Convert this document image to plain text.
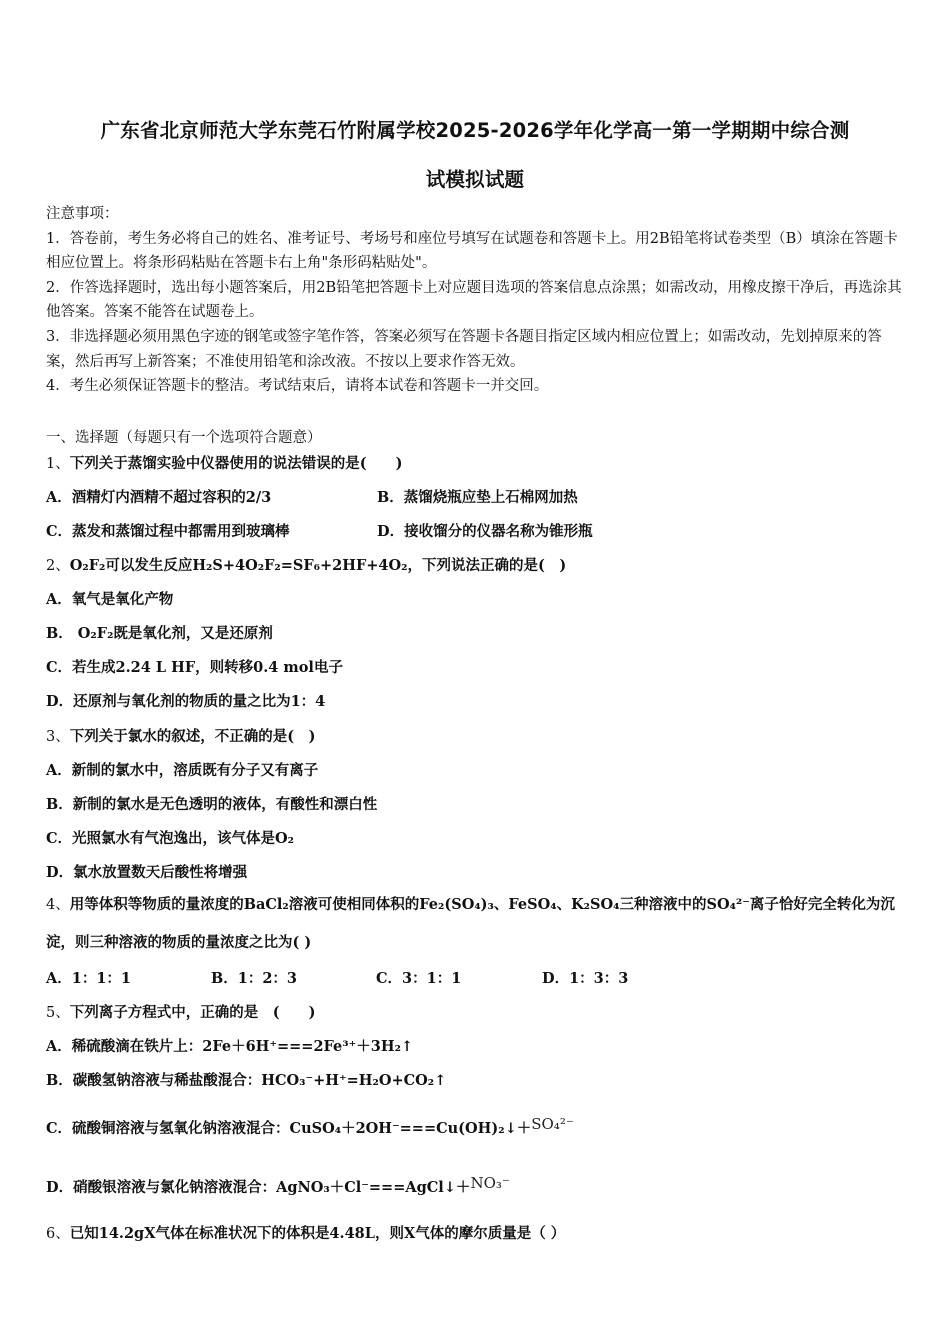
广东省北京师范大学东莞石竹附属学校2025-2026学年化学高一第一学期期中综合测
试模拟试题

注意事项：

1．答卷前，考生务必将自己的姓名、准考证号、考场号和座位号填写在试题卷和答题卡上。用2B铅笔将试卷类型（B）填涂在答题卡相应位置上。将条形码粘贴在答题卡右上角"条形码粘贴处"。

2．作答选择题时，选出每小题答案后，用2B铅笔把答题卡上对应题目选项的答案信息点涂黑；如需改动，用橡皮擦干净后，再选涂其他答案。答案不能答在试题卷上。

3．非选择题必须用黑色字迹的钢笔或签字笔作答，答案必须写在答题卡各题目指定区域内相应位置上；如需改动，先划掉原来的答案，然后再写上新答案；不准使用铅笔和涂改液。不按以上要求作答无效。

4．考生必须保证答题卡的整洁。考试结束后，请将本试卷和答题卡一并交回。

一、选择题（每题只有一个选项符合题意）
1、下列关于蒸馏实验中仪器使用的说法错误的是(　　)
A．酒精灯内酒精不超过容积的2/3	B．蒸馏烧瓶应垫上石棉网加热
C．蒸发和蒸馏过程中都需用到玻璃棒	D．接收馏分的仪器名称为锥形瓶
2、O₂F₂可以发生反应H₂S+4O₂F₂=SF₆+2HF+4O₂，下列说法正确的是(　)
A．氧气是氧化产物
B． O₂F₂既是氧化剂，又是还原剂
C．若生成2.24 L HF，则转移0.4 mol电子
D．还原剂与氧化剂的物质的量之比为1：4
3、下列关于氯水的叙述，不正确的是(　)
A．新制的氯水中，溶质既有分子又有离子
B．新制的氯水是无色透明的液体，有酸性和漂白性
C．光照氯水有气泡逸出，该气体是O₂
D．氯水放置数天后酸性将增强
4、用等体积等物质的量浓度的BaCl₂溶液可使相同体积的Fe₂(SO₄)₃、FeSO₄、K₂SO₄三种溶液中的SO₄²⁻离子恰好完全转化为沉淀，则三种溶液的物质的量浓度之比为( )
A．1：1：1	B．1：2：3	C．3：1：1	D．1：3：3
5、下列离子方程式中，正确的是　(　　)
A．稀硫酸滴在铁片上：2Fe＋6H⁺===2Fe³⁺＋3H₂↑
B．碳酸氢钠溶液与稀盐酸混合：HCO₃⁻+H⁺=H₂O+CO₂↑
C．硫酸铜溶液与氢氧化钠溶液混合：CuSO₄＋2OH⁻===Cu(OH)₂↓＋SO₄²⁻
D．硝酸银溶液与氯化钠溶液混合：AgNO₃＋Cl⁻===AgCl↓＋NO₃⁻
6、已知14.2gX气体在标准状况下的体积是4.48L，则X气体的摩尔质量是（ ）
